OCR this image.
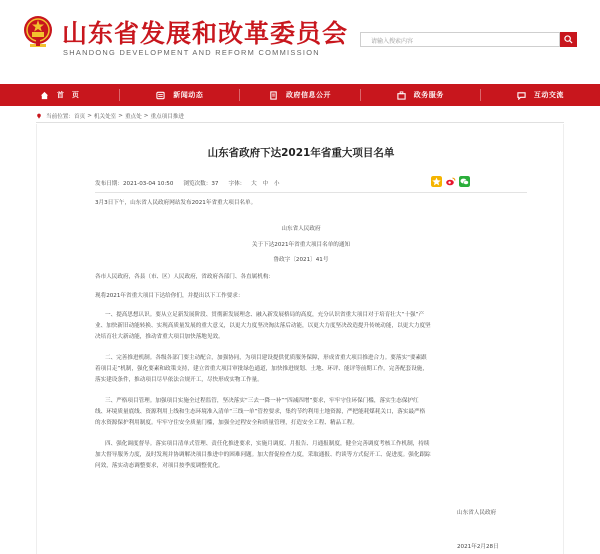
山东省发展和改革委员会
SHANDONG DEVELOPMENT AND REFORM COMMISSION
请输入搜索内容
首　页	新闻动态	政府信息公开	政务服务	互动交流
当前位置： 首页 > 机关处室 > 重点处 > 重点项目推进
山东省政府下达2021年省重大项目名单
发布日期：2021-03-04 10:50 浏览次数：37 字体： 大 中 小
3月3日下午，山东省人民政府网站发布2021年省重大项目名单。
山东省人民政府
关于下达2021年省重大项目名单的通知
鲁政字〔2021〕41号
各市人民政府，各县（市、区）人民政府，省政府各部门、各直属机构：
现将2021年省重大项目下达给你们，并提出以下工作要求：
一、提高思想认识。要从立足新发展阶段、贯彻新发展理念、融入新发展格局的高度，充分认识省重大项目对于培育壮大“十强”产
业、加快新旧动能转换、实现高质量发展的重大意义，以更大力度坚决淘汰落后动能，以更大力度坚决改造提升传统动能，以更大力度坚
决培育壮大新动能，推动省重大项目加快落地见效。
二、完善推进机制。各级各部门要主动配合，加强协同，为项目建设提供优质服务保障，形成省重大项目推进合力。要落实“要素跟
着项目走”机制，强化要素和政策支持，建立省重大项目审批绿色通道，加快推进规划、土地、环评、能评等前期工作，完善配套设施，
落实建设条件，推动项目尽早依法合规开工，尽快形成实物工作量。
三、严格项目管理。加强项目实施全过程监管，坚决落实“三去一降一补”“四减四增”要求，牢牢守住环保门槛，落实生态保护红
线、环境质量底线、资源利用上线和生态环境准入清单“三线一单”管控要求，集约节约利用土地资源，严把能耗煤耗关口，落实最严格
的水资源保护利用制度。牢牢守住安全质量门槛，加强全过程安全和质量管理，打造安全工程、精品工程。
四、强化调度督导。落实项目清单式管理、责任化推进要求，实施月调度、月报告、月通报制度，健全完善调度考核工作机制，持续
加大督导服务力度，及时发现并协调解决项目推进中的困难问题。加大督促检查力度，采取通报、约谈等方式促开工、促进度。强化跟踪
问效，落实动态调整要求，对项目按季度调整优化。
山东省人民政府
2021年2月28日
